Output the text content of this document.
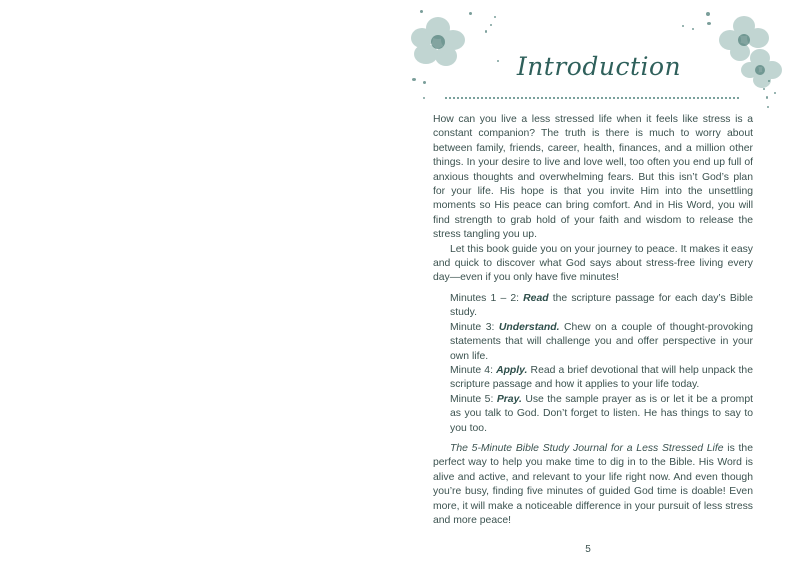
Introduction

How can you live a less stressed life when it feels like stress is a constant companion? The truth is there is much to worry about between family, friends, career, health, finances, and a million other things. In your desire to live and love well, too often you end up full of anxious thoughts and overwhelming fears. But this isn’t God’s plan for your life. His hope is that you invite Him into the unsettling moments so His peace can bring comfort. And in His Word, you will find strength to grab hold of your faith and wisdom to release the stress tangling you up.

Let this book guide you on your journey to peace. It makes it easy and quick to discover what God says about stress-free living every day—even if you only have five minutes!

Minutes 1 – 2: Read the scripture passage for each day’s Bible study.

Minute 3: Understand. Chew on a couple of thought-provoking statements that will challenge you and offer perspective in your own life.

Minute 4: Apply. Read a brief devotional that will help unpack the scripture passage and how it applies to your life today.

Minute 5: Pray. Use the sample prayer as is or let it be a prompt as you talk to God. Don’t forget to listen. He has things to say to you too.

The 5-Minute Bible Study Journal for a Less Stressed Life is the perfect way to help you make time to dig in to the Bible. His Word is alive and active, and relevant to your life right now. And even though you’re busy, finding five minutes of guided God time is doable! Even more, it will make a noticeable difference in your pursuit of less stress and more peace!

5
